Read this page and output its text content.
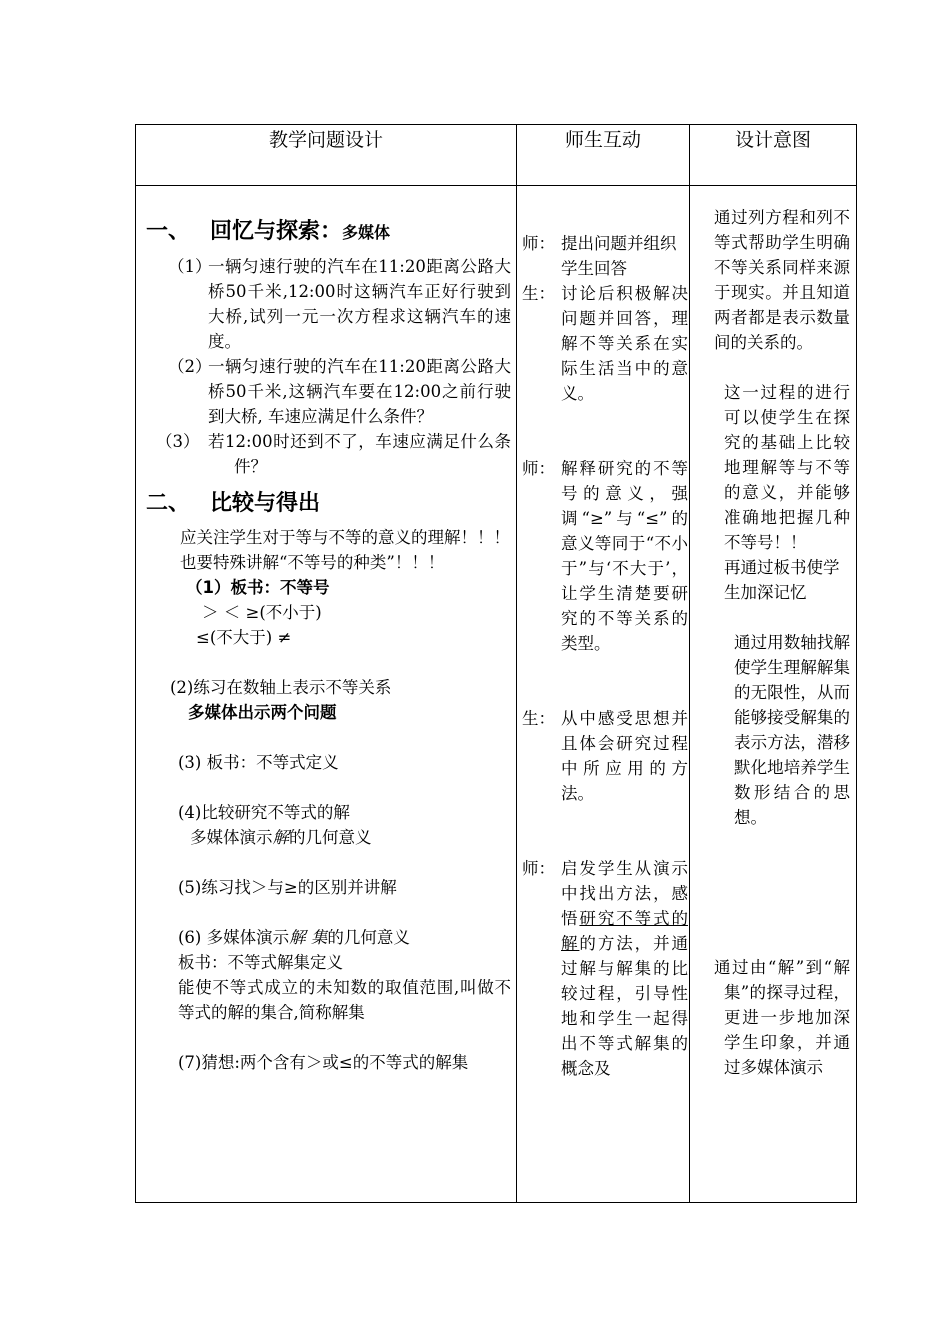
教学问题设计	师生互动	设计意图
一、 回忆与探索：多媒体
（1）
一辆匀速行驶的汽车在11:20距离公路大桥50千米,12:00时这辆汽车正好行驶到大桥,试列一元一次方程求这辆汽车的速度。
（2）
一辆匀速行驶的汽车在11:20距离公路大桥50千米,这辆汽车要在12:00之前行驶到大桥, 车速应满足什么条件？
（3） 若12:00时还到不了，车速应满足什么条件？
二、 比较与得出

应关注学生对于等与不等的意义的理解！！！也要特殊讲解“不等号的种类”！！！

（1）板书：不等号

＞ ＜ ≥(不小于)

≤(不大于) ≠

(2)练习在数轴上表示不等关系

多媒体出示两个问题

(3) 板书：不等式定义

(4)比较研究不等式的解

多媒体演示解的几何意义

(5)练习找＞与≥的区别并讲解

(6) 多媒体演示解 集的几何意义

板书：不等式解集定义

能使不等式成立的未知数的取值范围,叫做不等式的解的集合,简称解集

(7)猜想:两个含有＞或≤的不等式的解集

师： 提出问题并组织学生回答
生： 讨论后积极解决问题并回答，理解不等关系在实际生活当中的意义。
师： 解释研究的不等号的意义，强调“≥”与“≤”的意义等同于“不小于”与‘不大于’，让学生清楚要研究的不等关系的类型。
生： 从中感受思想并且体会研究过程中所应用的方法。
师： 启发学生从演示中找出方法，感悟研究不等式的解的方法，并通过解与解集的比较过程，引导性地和学生一起得出不等式解集的概念及

通过列方程和列不等式帮助学生明确不等关系同样来源于现实。并且知道两者都是表示数量间的关系的。

这一过程的进行可以使学生在探究的基础上比较地理解等与不等的意义，并能够准确地把握几种不等号！！

再通过板书使学生加深记忆

通过用数轴找解使学生理解解集的无限性，从而能够接受解集的表示方法，潜移默化地培养学生数形结合的思想。

通过由“解”到“解集”的探寻过程，更进一步地加深学生印象，并通过多媒体演示
